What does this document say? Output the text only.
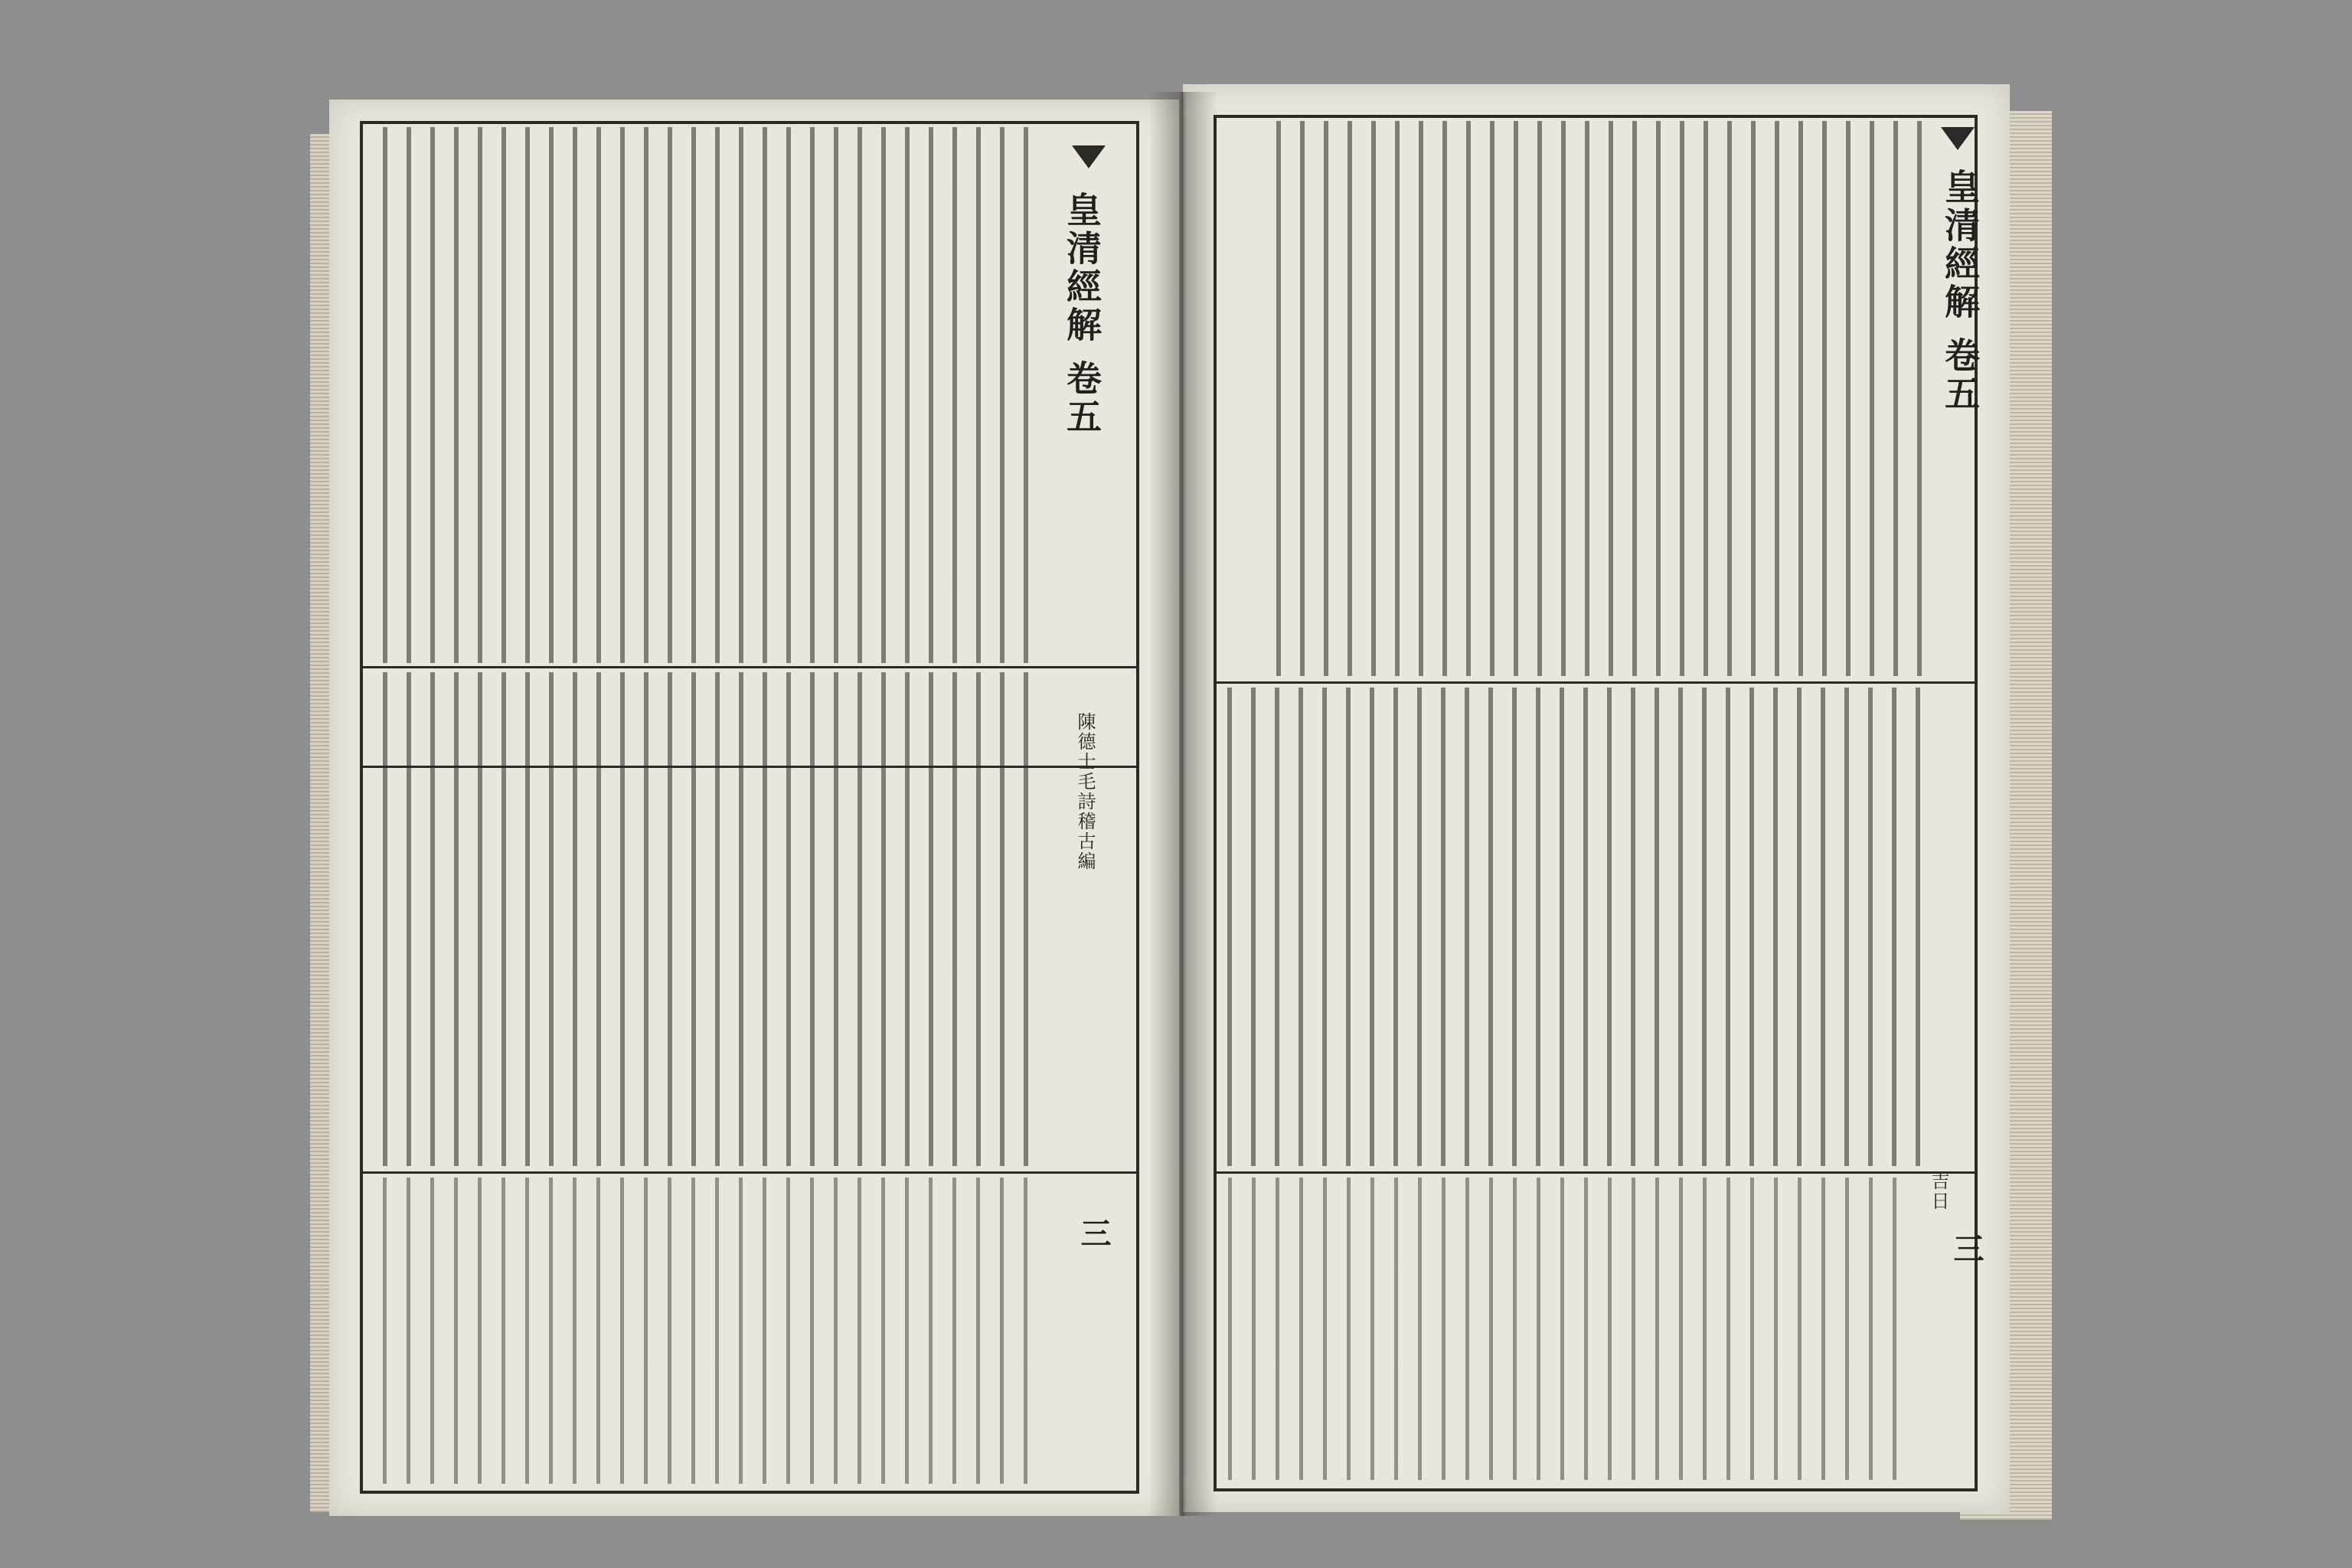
皇清經解 卷五
陳德士毛詩稽古編
三
皇清經解 卷五
吉日
三
